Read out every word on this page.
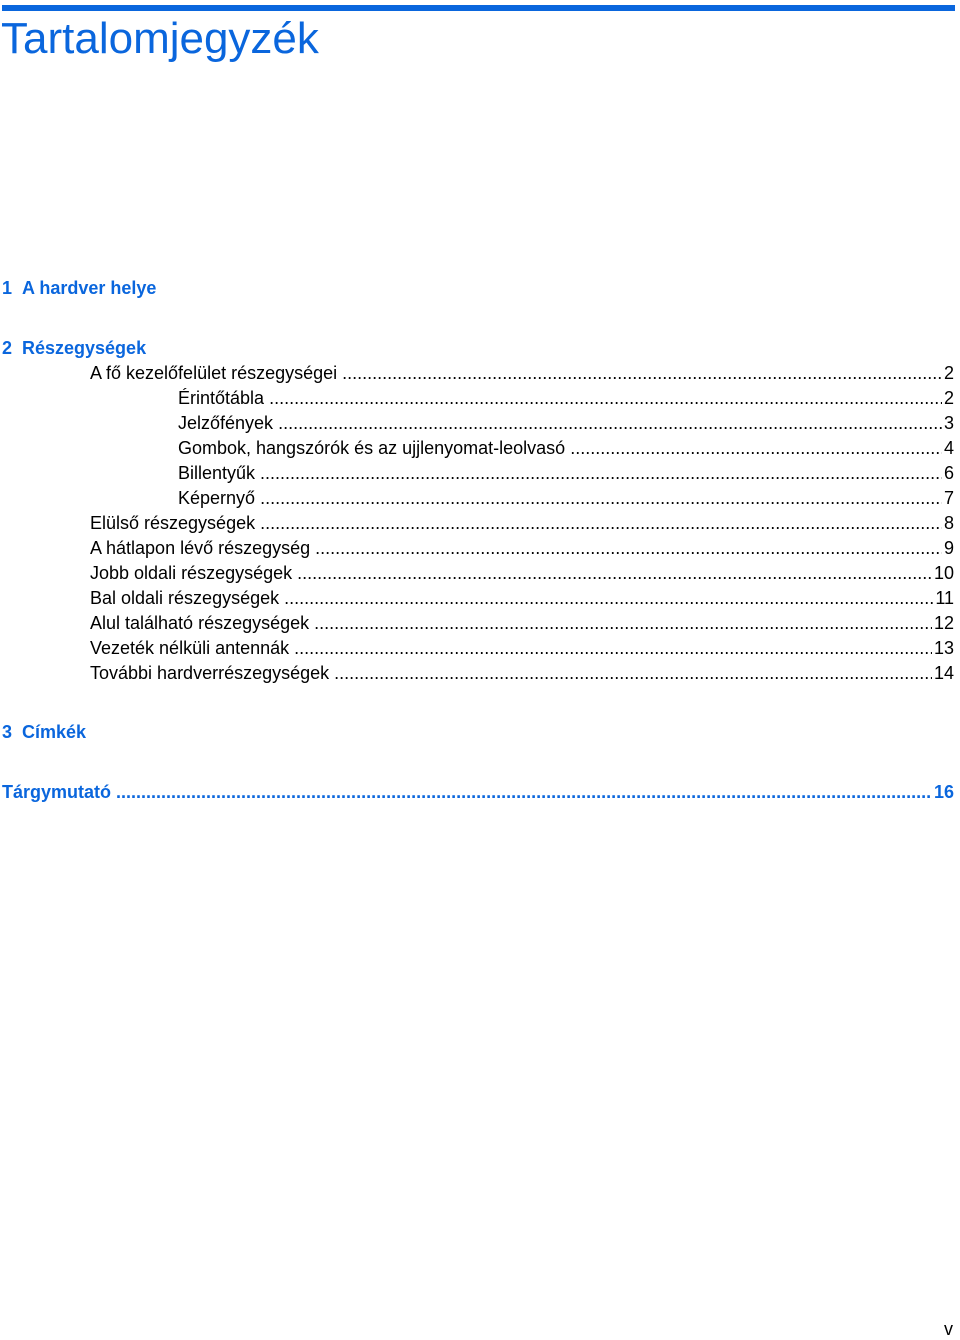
Tartalomjegyzék
1 A hardver helye
2 Részegységek
A fő kezelőfelület részegységei .....	2
Érintőtábla .....	2
Jelzőfények .....	3
Gombok, hangszórók és az ujjlenyomat-leolvasó .....	4
Billentyűk .....	6
Képernyő .....	7
Elülső részegységek .....	8
A hátlapon lévő részegység .....	9
Jobb oldali részegységek .....	10
Bal oldali részegységek .....	11
Alul található részegységek .....	12
Vezeték nélküli antennák .....	13
További hardverrészegységek .....	14
3 Címkék
Tárgymutató .....	16
v
